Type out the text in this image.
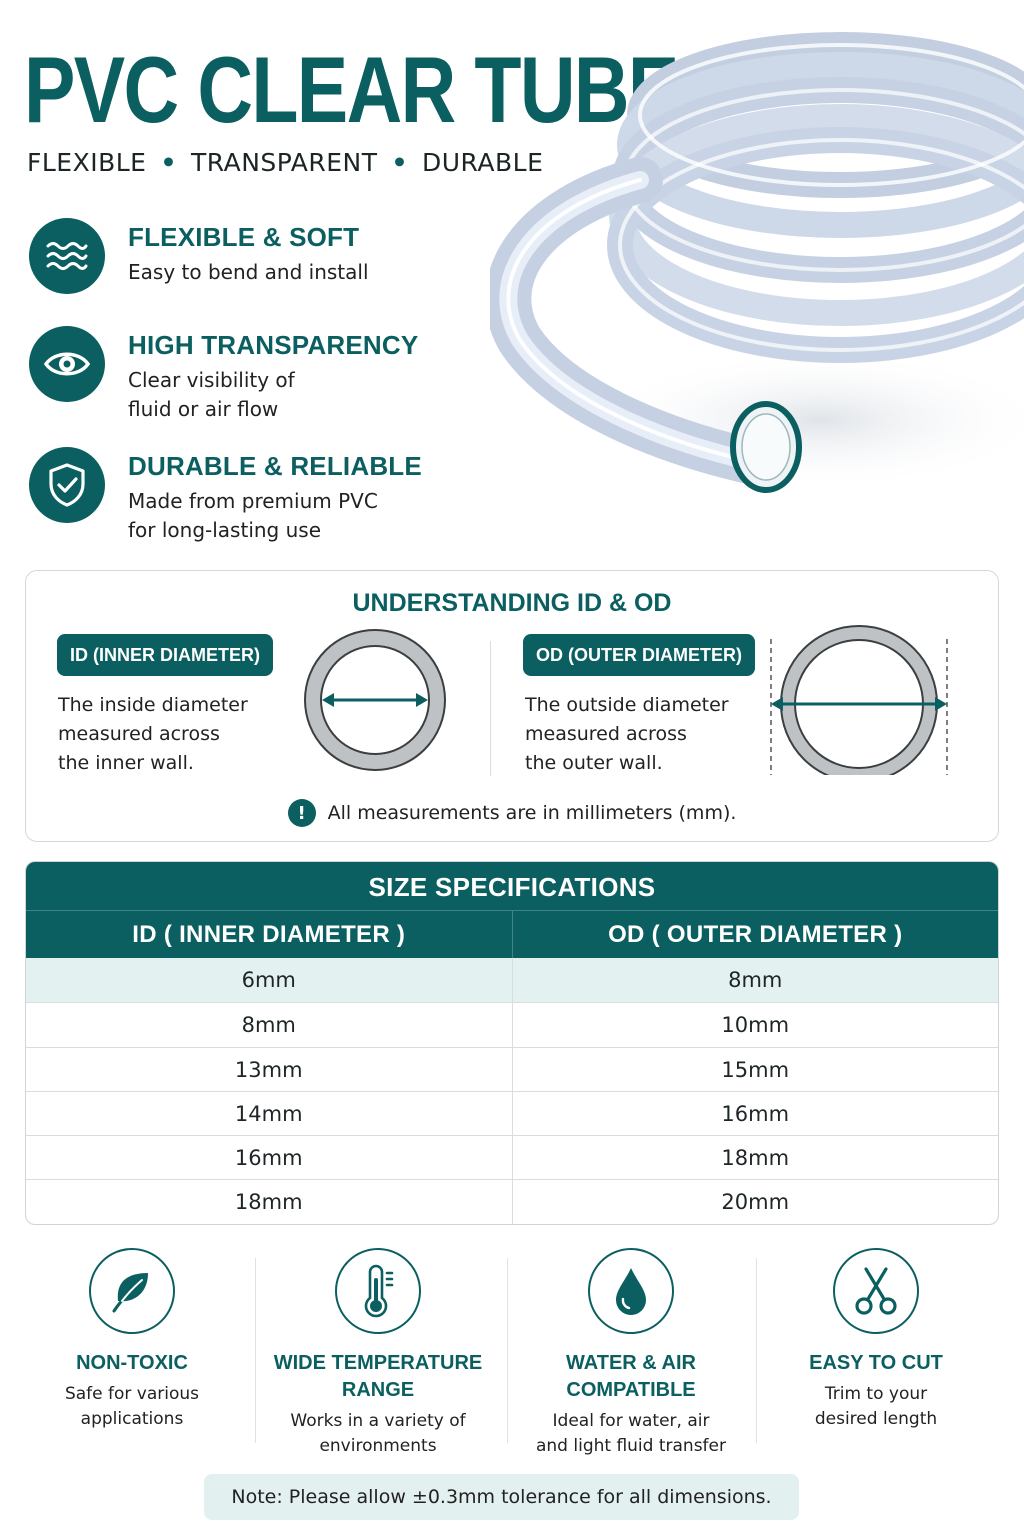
PVC CLEAR TUBE
FLEXIBLE • TRANSPARENT • DURABLE
FLEXIBLE & SOFT
Easy to bend and install
HIGH TRANSPARENCY
Clear visibility of
fluid or air flow
DURABLE & RELIABLE
Made from premium PVC
for long-lasting use
UNDERSTANDING ID & OD
ID (INNER DIAMETER)
The inside diameter
measured across
the inner wall.
OD (OUTER DIAMETER)
The outside diameter
measured across
the outer wall.
!	All measurements are in millimeters (mm).
SIZE SPECIFICATIONS
ID ( INNER DIAMETER )	OD ( OUTER DIAMETER )
6mm	8mm
8mm	10mm
13mm	15mm
14mm	16mm
16mm	18mm
18mm	20mm
NON-TOXIC
Safe for various
applications
WIDE TEMPERATURE
RANGE
Works in a variety of
environments
WATER & AIR
COMPATIBLE
Ideal for water, air
and light fluid transfer
EASY TO CUT
Trim to your
desired length
Note: Please allow ±0.3mm tolerance for all dimensions.
